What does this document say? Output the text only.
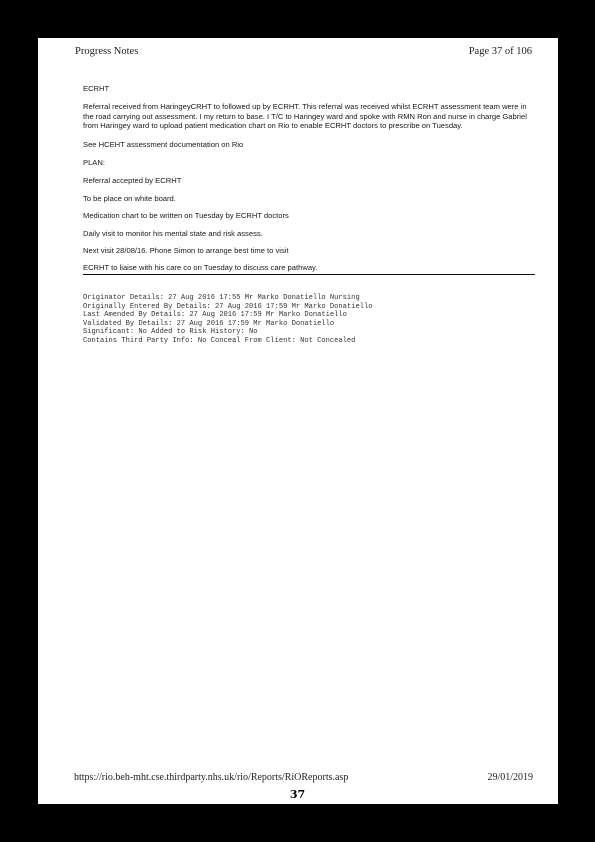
Progress Notes	Page 37 of 106

ECRHT

Referral received from HaringeyCRHT to followed up by ECRHT. This referral was received whilst ECRHT assessment team were in the road carrying out assessment. I my return to base. I T/C to Haringey ward and spoke with RMN Ron and nurse in charge Gabriel from Haringey ward to upload patient medication chart on Rio to enable ECRHT doctors to prescribe on Tuesday.

See HCEHT assessment documentation on Rio

PLAN:

Referral accepted by ECRHT

To be place on white board.

Medication chart to be written on Tuesday by ECRHT doctors

Daily visit to monitor his mental state and risk assess.

Next visit 28/08/16. Phone Simon to arrange best time to visit

ECRHT to liaise with his care co on Tuesday to discuss care pathway.

Originator Details: 27 Aug 2016 17:55 Mr Marko Donatiello Nursing
Originally Entered By Details: 27 Aug 2016 17:59 Mr Marko Donatiello
Last Amended By Details: 27 Aug 2016 17:59 Mr Marko Donatiello
Validated By Details: 27 Aug 2016 17:59 Mr Marko Donatiello
Significant: No Added to Risk History: No
Contains Third Party Info: No Conceal From Client: Not Concealed
https://rio.beh-mht.cse.thirdparty.nhs.uk/rio/Reports/RiOReports.asp	29/01/2019
37
